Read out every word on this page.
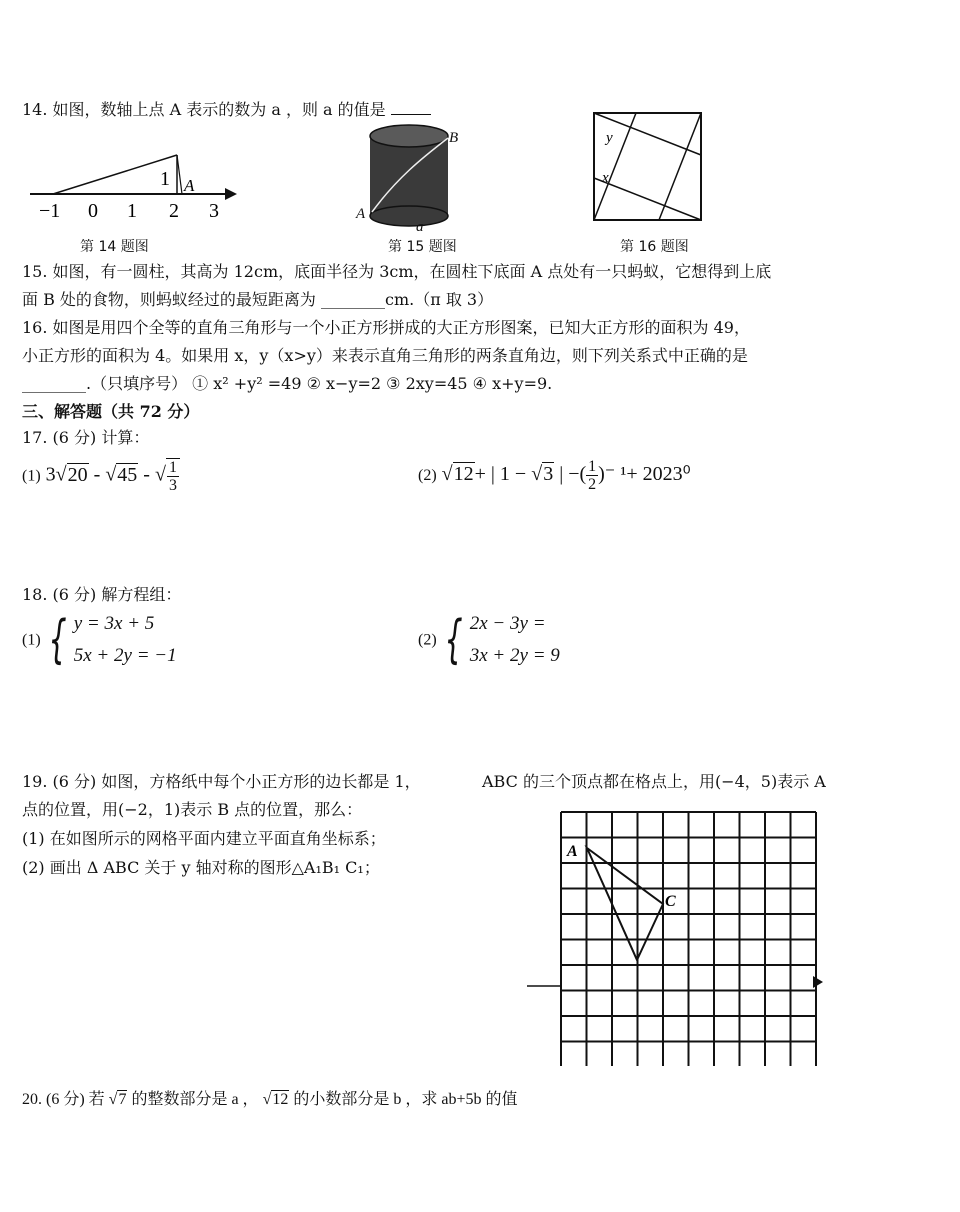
14. 如图，数轴上点 A 表示的数为 a ，则 a 的值是
−1 0 1 2 3
1 A
第 14 题图
A
B
a
第 15 题图
y
x
第 16 题图
15. 如图，有一圆柱，其高为 12cm，底面半径为 3cm，在圆柱下底面 A 点处有一只蚂蚁，它想得到上底
面 B 处的食物，则蚂蚁经过的最短距离为 ________cm.（π 取 3）
16. 如图是用四个全等的直角三角形与一个小正方形拼成的大正方形图案，已知大正方形的面积为 49，
小正方形的面积为 4。如果用 x，y（x>y）来表示直角三角形的两条直角边，则下列关系式中正确的是
________.（只填序号） ① x² +y² =49 ② x−y=2 ③ 2xy=45 ④ x+y=9.
三、解答题（共 72 分）
17. (6 分) 计算：
(1) 3√20 - √45 - √ $\frac{1}{3}$	(2) √12+ | 1 − √3 | −( $\frac{1}{2}$ )⁻ ¹+ 2023⁰
18. (6 分) 解方程组：
(1) { y = 3x + 5
5x + 2y = −1
(2) { 2x − 3y =
3x + 2y = 9
19. (6 分) 如图，方格纸中每个小正方形的边长都是 1，	ABC 的三个顶点都在格点上，用(−4，5)表示 A
点的位置，用(−2，1)表示 B 点的位置，那么：
(1) 在如图所示的网格平面内建立平面直角坐标系；
(2) 画出 Δ ABC 关于 y 轴对称的图形△A₁B₁ C₁；
A
C
20. (6 分) 若 √7 的整数部分是 a ， √12 的小数部分是 b ，求 ab+5b 的值
